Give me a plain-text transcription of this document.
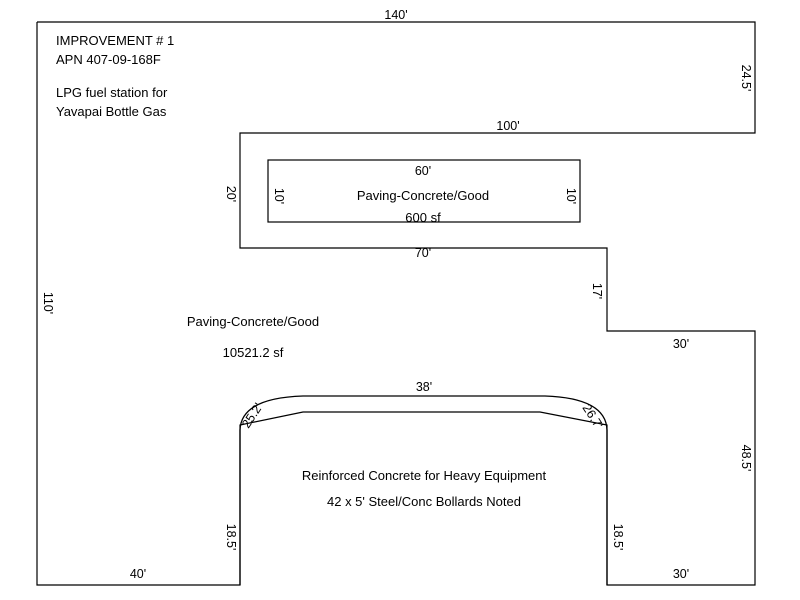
IMPROVEMENT # 1
APN 407-09-168F
LPG fuel station for
Yavapai Bottle Gas
140'
24.5'
100'
20'
70'
17'
30'
48.5'
30'
40'
110'
60'
10'	10'
Paving-Concrete/Good
600 sf
Paving-Concrete/Good
10521.2 sf
38'
25.2'	26.7'
18.5'	18.5'
Reinforced Concrete for Heavy Equipment
42 x 5' Steel/Conc Bollards Noted
